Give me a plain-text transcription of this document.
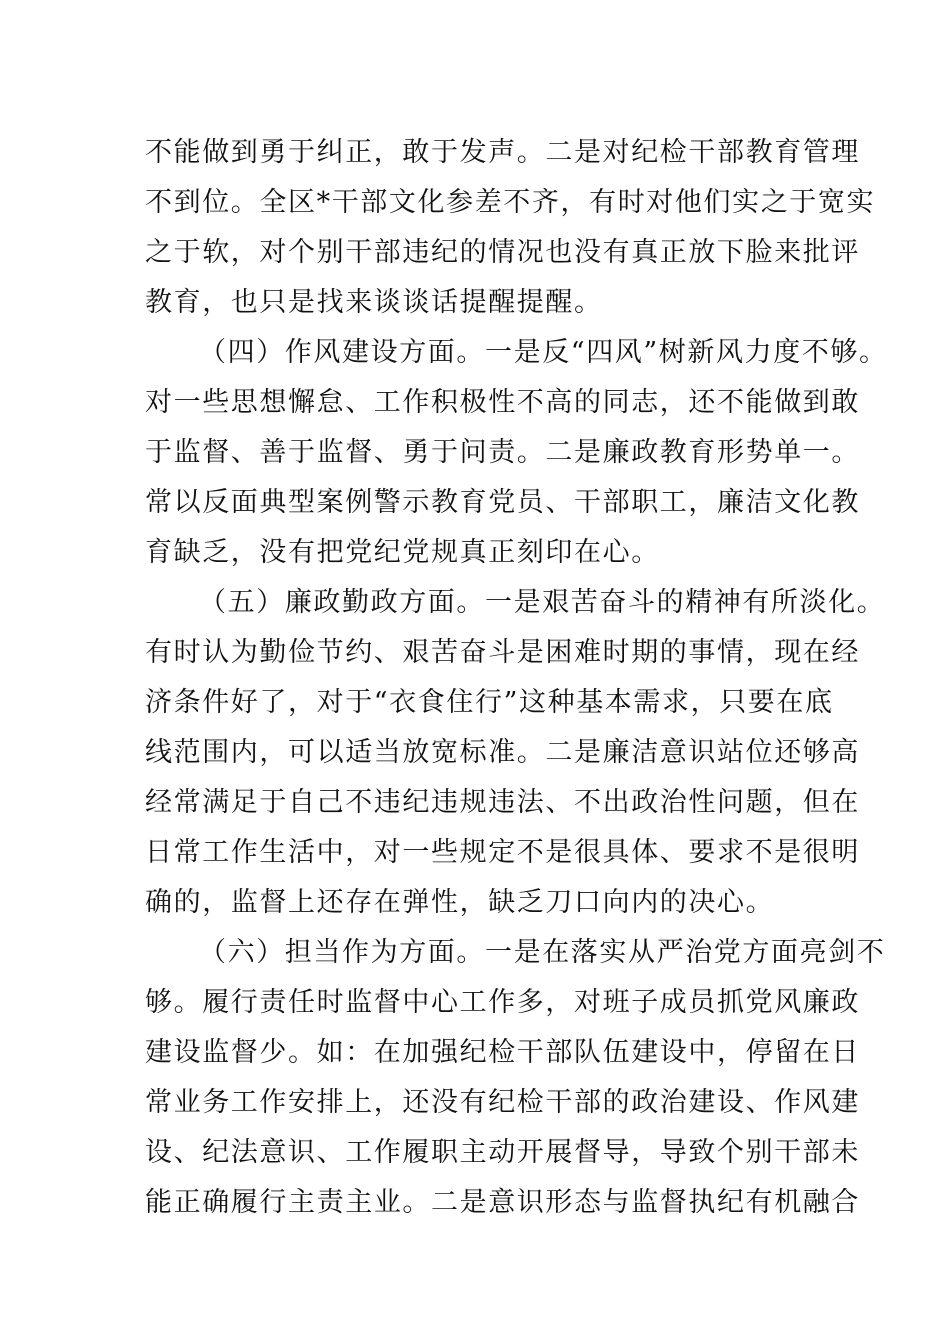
不能做到勇于纠正，敢于发声。二是对纪检干部教育管理
不到位。全区*干部文化参差不齐，有时对他们实之于宽实
之于软，对个别干部违纪的情况也没有真正放下脸来批评
教育，也只是找来谈谈话提醒提醒。
（四）作风建设方面。一是反“四风”树新风力度不够。
对一些思想懈怠、工作积极性不高的同志，还不能做到敢
于监督、善于监督、勇于问责。二是廉政教育形势单一。
常以反面典型案例警示教育党员、干部职工，廉洁文化教
育缺乏，没有把党纪党规真正刻印在心。
（五）廉政勤政方面。一是艰苦奋斗的精神有所淡化。
有时认为勤俭节约、艰苦奋斗是困难时期的事情，现在经
济条件好了，对于“衣食住行”这种基本需求，只要在底
线范围内，可以适当放宽标准。二是廉洁意识站位还够高
经常满足于自己不违纪违规违法、不出政治性问题，但在
日常工作生活中，对一些规定不是很具体、要求不是很明
确的，监督上还存在弹性，缺乏刀口向内的决心。
（六）担当作为方面。一是在落实从严治党方面亮剑不
够。履行责任时监督中心工作多，对班子成员抓党风廉政
建设监督少。如：在加强纪检干部队伍建设中，停留在日
常业务工作安排上，还没有纪检干部的政治建设、作风建
设、纪法意识、工作履职主动开展督导，导致个别干部未
能正确履行主责主业。二是意识形态与监督执纪有机融合
